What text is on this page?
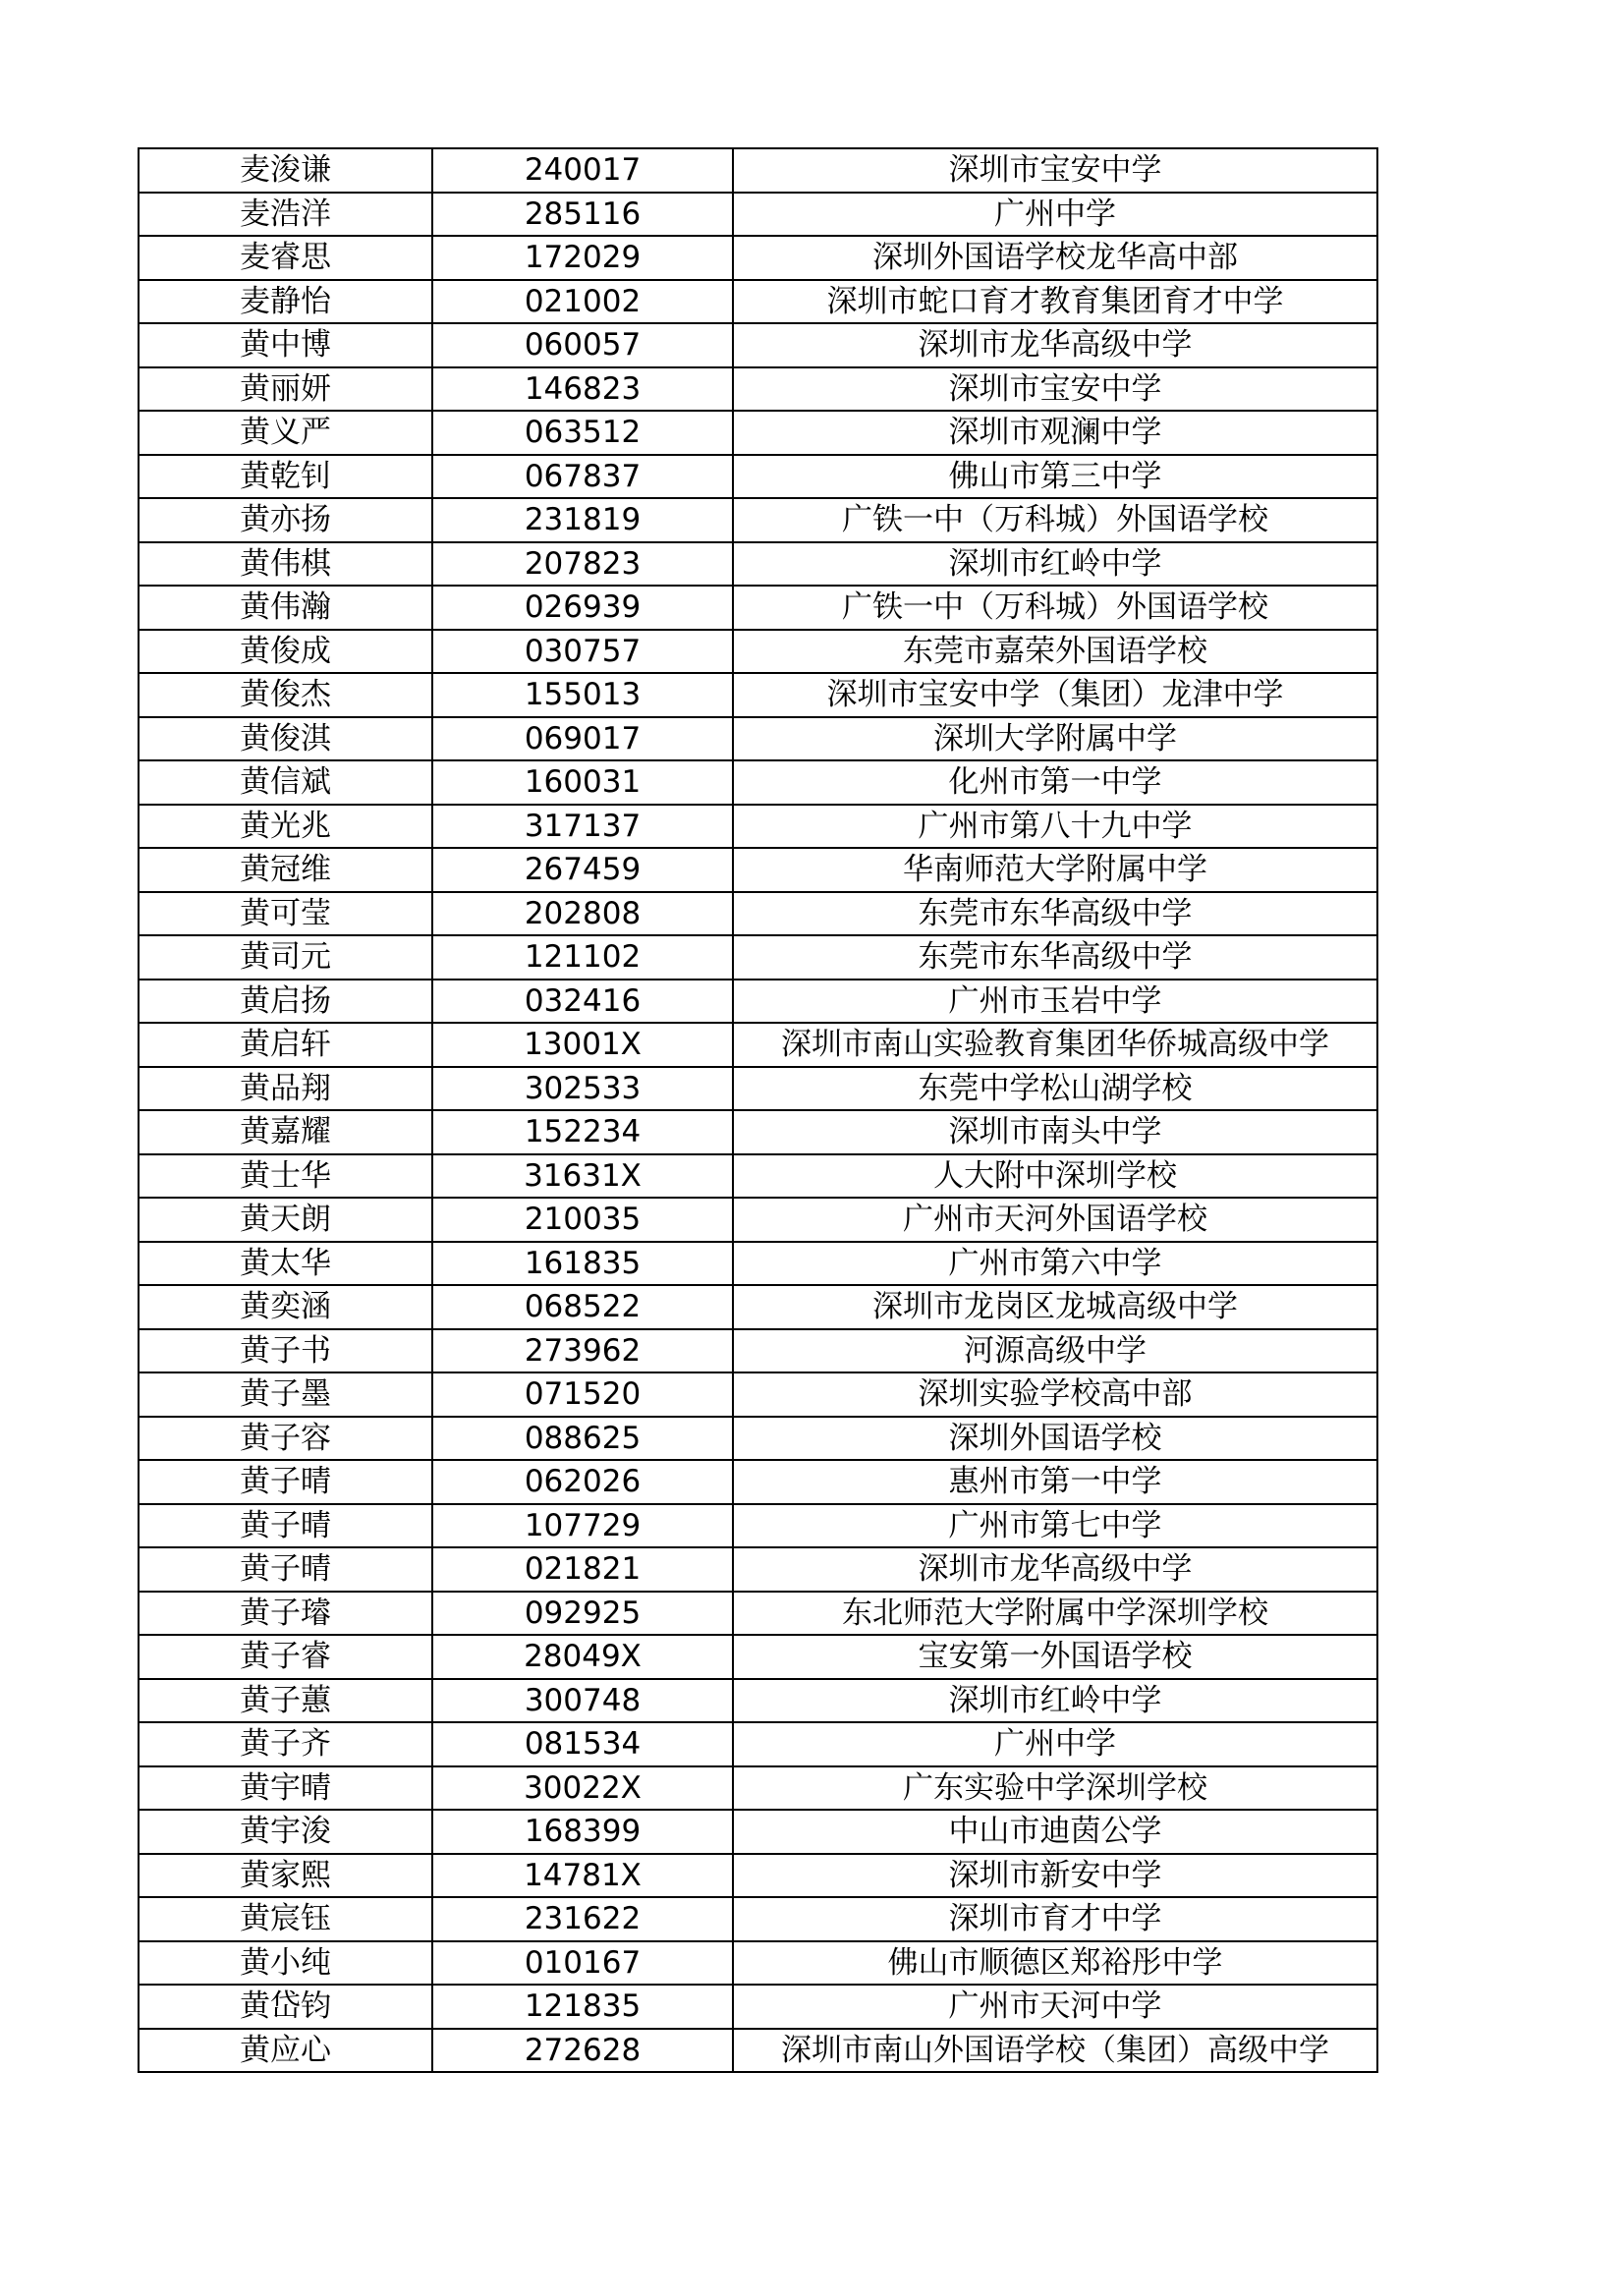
麦浚谦	240017	深圳市宝安中学
麦浩洋	285116	广州中学
麦睿思	172029	深圳外国语学校龙华高中部
麦静怡	021002	深圳市蛇口育才教育集团育才中学
黄中博	060057	深圳市龙华高级中学
黄丽妍	146823	深圳市宝安中学
黄义严	063512	深圳市观澜中学
黄乾钊	067837	佛山市第三中学
黄亦扬	231819	广铁一中（万科城）外国语学校
黄伟棋	207823	深圳市红岭中学
黄伟瀚	026939	广铁一中（万科城）外国语学校
黄俊成	030757	东莞市嘉荣外国语学校
黄俊杰	155013	深圳市宝安中学（集团）龙津中学
黄俊淇	069017	深圳大学附属中学
黄信斌	160031	化州市第一中学
黄光兆	317137	广州市第八十九中学
黄冠维	267459	华南师范大学附属中学
黄可莹	202808	东莞市东华高级中学
黄司元	121102	东莞市东华高级中学
黄启扬	032416	广州市玉岩中学
黄启轩	13001X	深圳市南山实验教育集团华侨城高级中学
黄品翔	302533	东莞中学松山湖学校
黄嘉耀	152234	深圳市南头中学
黄士华	31631X	人大附中深圳学校
黄天朗	210035	广州市天河外国语学校
黄太华	161835	广州市第六中学
黄奕涵	068522	深圳市龙岗区龙城高级中学
黄子书	273962	河源高级中学
黄子墨	071520	深圳实验学校高中部
黄子容	088625	深圳外国语学校
黄子晴	062026	惠州市第一中学
黄子晴	107729	广州市第七中学
黄子晴	021821	深圳市龙华高级中学
黄子璿	092925	东北师范大学附属中学深圳学校
黄子睿	28049X	宝安第一外国语学校
黄子蕙	300748	深圳市红岭中学
黄子齐	081534	广州中学
黄宇晴	30022X	广东实验中学深圳学校
黄宇浚	168399	中山市迪茵公学
黄家熙	14781X	深圳市新安中学
黄宸钰	231622	深圳市育才中学
黄小纯	010167	佛山市顺德区郑裕彤中学
黄岱钧	121835	广州市天河中学
黄应心	272628	深圳市南山外国语学校（集团）高级中学
